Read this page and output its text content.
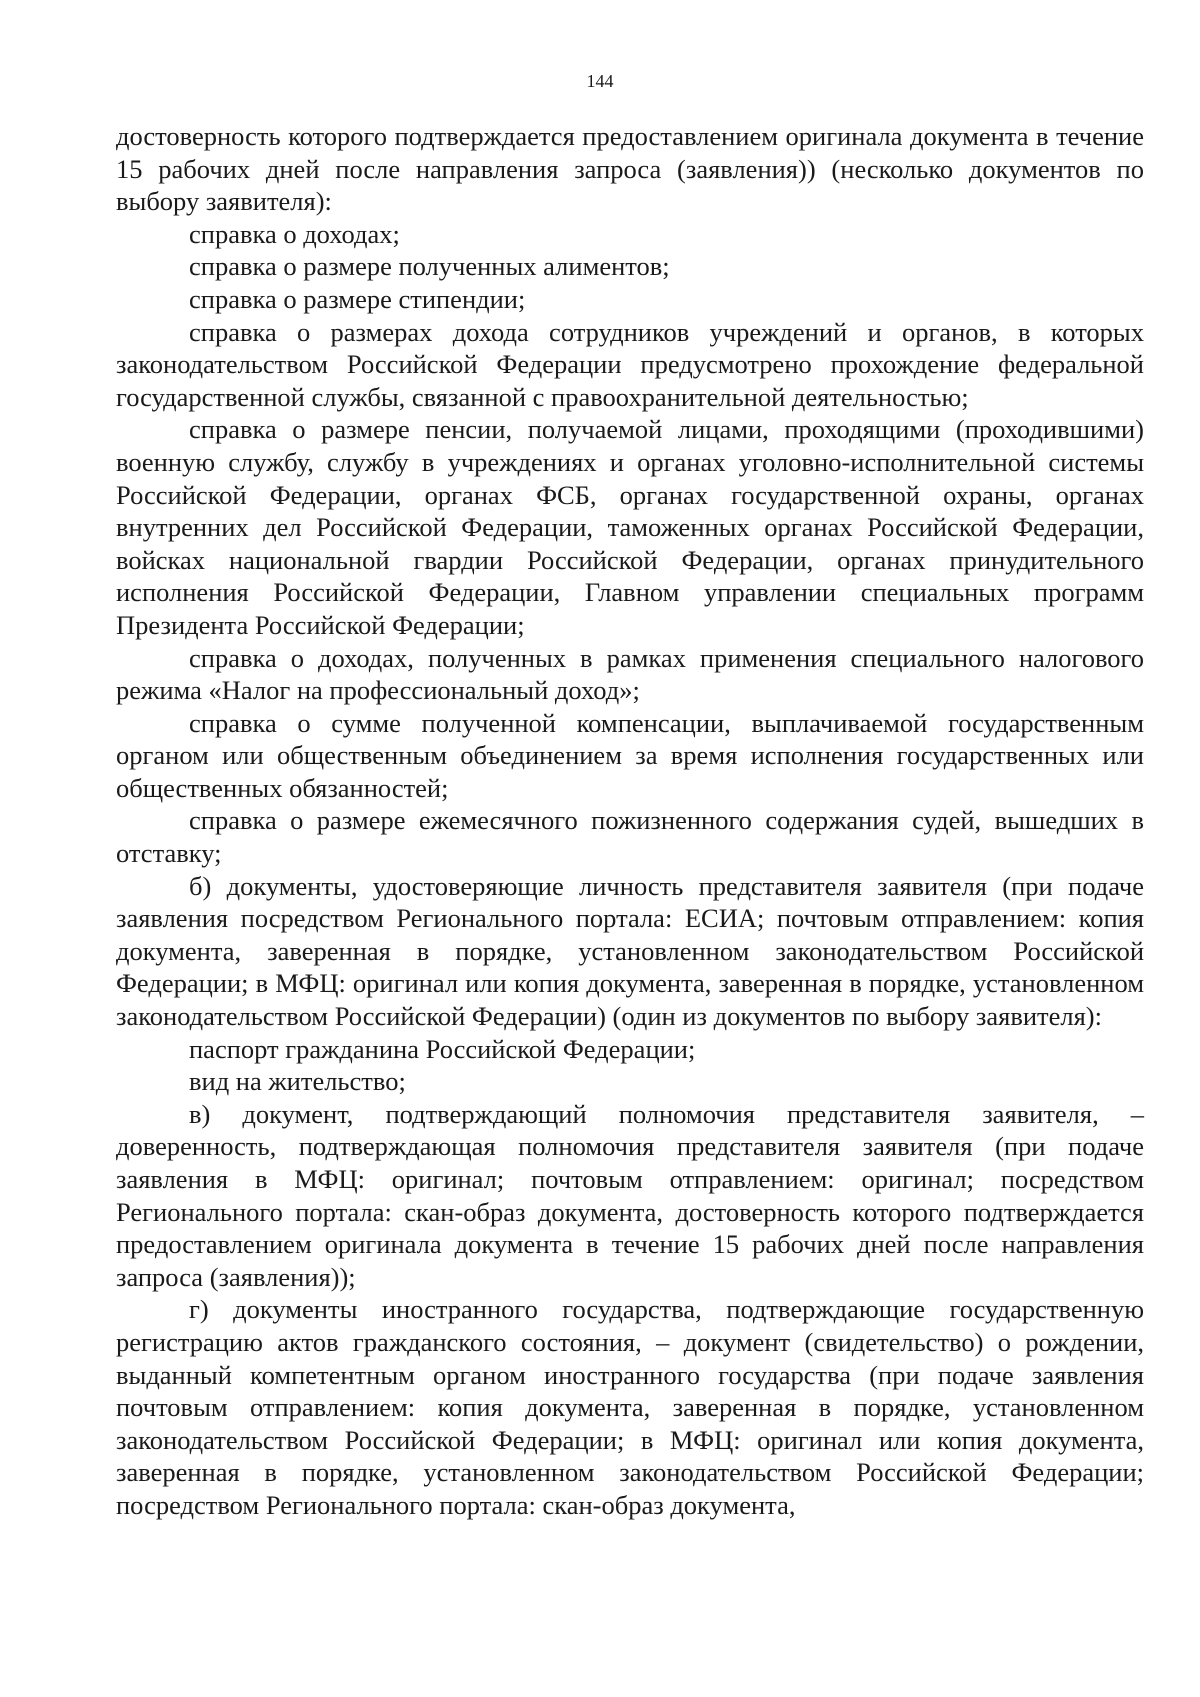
144

достоверность которого подтверждается предоставлением оригинала документа в течение 15 рабочих дней после направления запроса (заявления)) (несколько документов по выбору заявителя):

справка о доходах;

справка о размере полученных алиментов;

справка о размере стипендии;

справка о размерах дохода сотрудников учреждений и органов, в которых законодательством Российской Федерации предусмотрено прохождение федеральной государственной службы, связанной с правоохранительной деятельностью;

справка о размере пенсии, получаемой лицами, проходящими (проходившими) военную службу, службу в учреждениях и органах уголовно-исполнительной системы Российской Федерации, органах ФСБ, органах государственной охраны, органах внутренних дел Российской Федерации, таможенных органах Российской Федерации, войсках национальной гвардии Российской Федерации, органах принудительного исполнения Российской Федерации, Главном управлении специальных программ Президента Российской Федерации;

справка о доходах, полученных в рамках применения специального налогового режима «Налог на профессиональный доход»;

справка о сумме полученной компенсации, выплачиваемой государственным органом или общественным объединением за время исполнения государственных или общественных обязанностей;

справка о размере ежемесячного пожизненного содержания судей, вышедших в отставку;

б) документы, удостоверяющие личность представителя заявителя (при подаче заявления посредством Регионального портала: ЕСИА; почтовым отправлением: копия документа, заверенная в порядке, установленном законодательством Российской Федерации; в МФЦ: оригинал или копия документа, заверенная в порядке, установленном законодательством Российской Федерации) (один из документов по выбору заявителя):

паспорт гражданина Российской Федерации;

вид на жительство;

в) документ, подтверждающий полномочия представителя заявителя, – доверенность, подтверждающая полномочия представителя заявителя (при подаче заявления в МФЦ: оригинал; почтовым отправлением: оригинал; посредством Регионального портала: скан-образ документа, достоверность которого подтверждается предоставлением оригинала документа в течение 15 рабочих дней после направления запроса (заявления));

г) документы иностранного государства, подтверждающие государственную регистрацию актов гражданского состояния, – документ (свидетельство) о рождении, выданный компетентным органом иностранного государства (при подаче заявления почтовым отправлением: копия документа, заверенная в порядке, установленном законодательством Российской Федерации; в МФЦ: оригинал или копия документа, заверенная в порядке, установленном законодательством Российской Федерации; посредством Регионального портала: скан-образ документа,
